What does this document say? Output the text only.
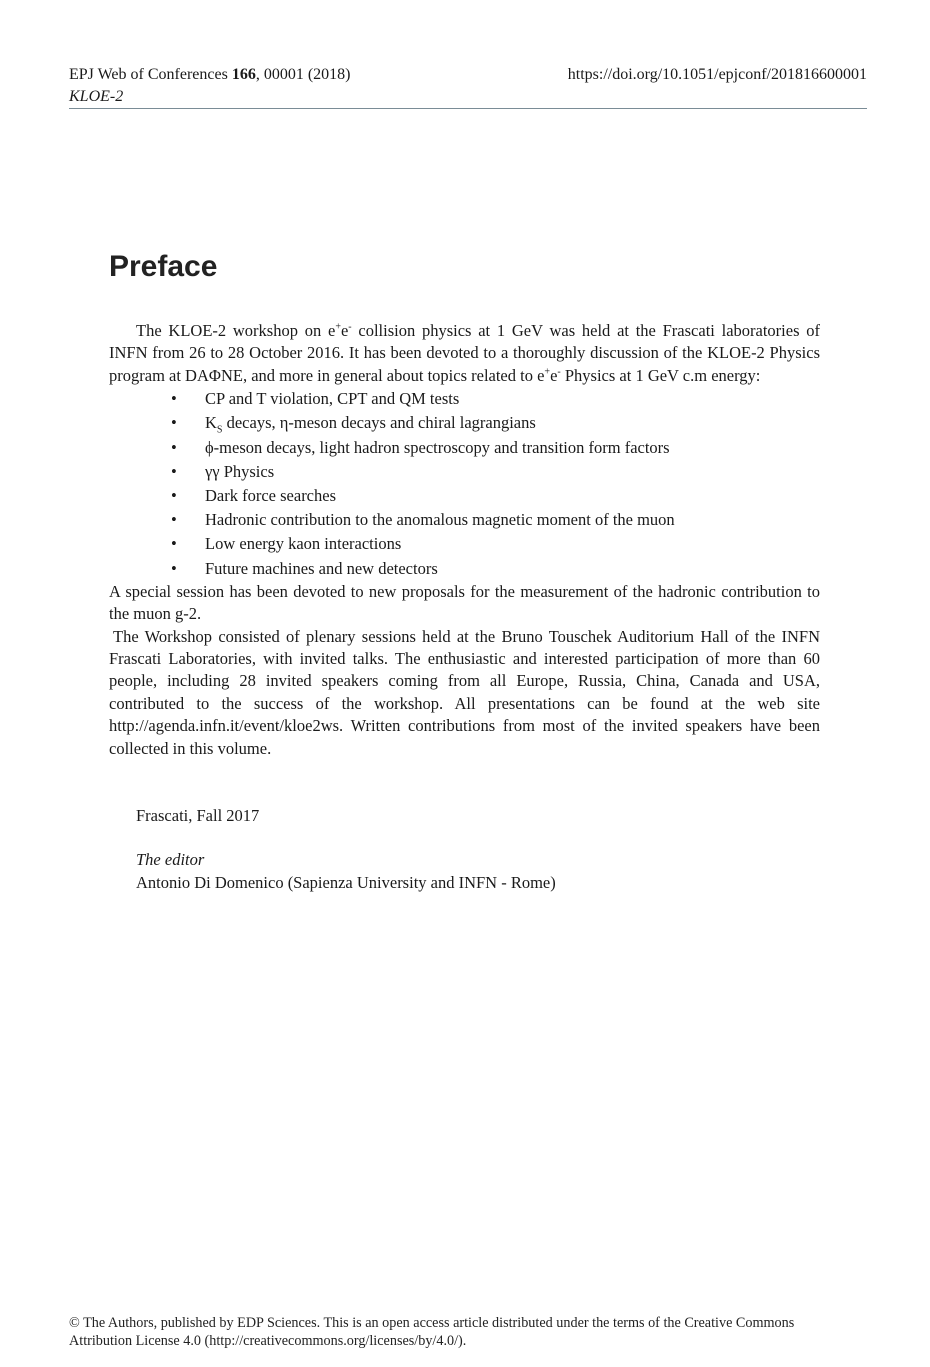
EPJ Web of Conferences 166, 00001 (2018)	https://doi.org/10.1051/epjconf/201816600001
KLOE-2
Preface

The KLOE-2 workshop on e+e- collision physics at 1 GeV was held at the Frascati laboratories of INFN from 26 to 28 October 2016. It has been devoted to a thoroughly discussion of the KLOE-2 Physics program at DAΦNE, and more in general about topics related to e+e- Physics at 1 GeV c.m energy:

• CP and T violation, CPT and QM tests
• $K_S$ decays, η-meson decays and chiral lagrangians
• ϕ-meson decays, light hadron spectroscopy and transition form factors
• γγ Physics
• Dark force searches
• Hadronic contribution to the anomalous magnetic moment of the muon
• Low energy kaon interactions
• Future machines and new detectors

A special session has been devoted to new proposals for the measurement of the hadronic contribution to the muon g-2.

The Workshop consisted of plenary sessions held at the Bruno Touschek Auditorium Hall of the INFN Frascati Laboratories, with invited talks. The enthusiastic and interested participation of more than 60 people, including 28 invited speakers coming from all Europe, Russia, China, Canada and USA, contributed to the success of the workshop. All presentations can be found at the web site http://agenda.infn.it/event/kloe2ws. Written contributions from most of the invited speakers have been collected in this volume.

Frascati, Fall 2017
The editor
Antonio Di Domenico (Sapienza University and INFN - Rome)
© The Authors, published by EDP Sciences. This is an open access article distributed under the terms of the Creative Commons
Attribution License 4.0 (http://creativecommons.org/licenses/by/4.0/).
